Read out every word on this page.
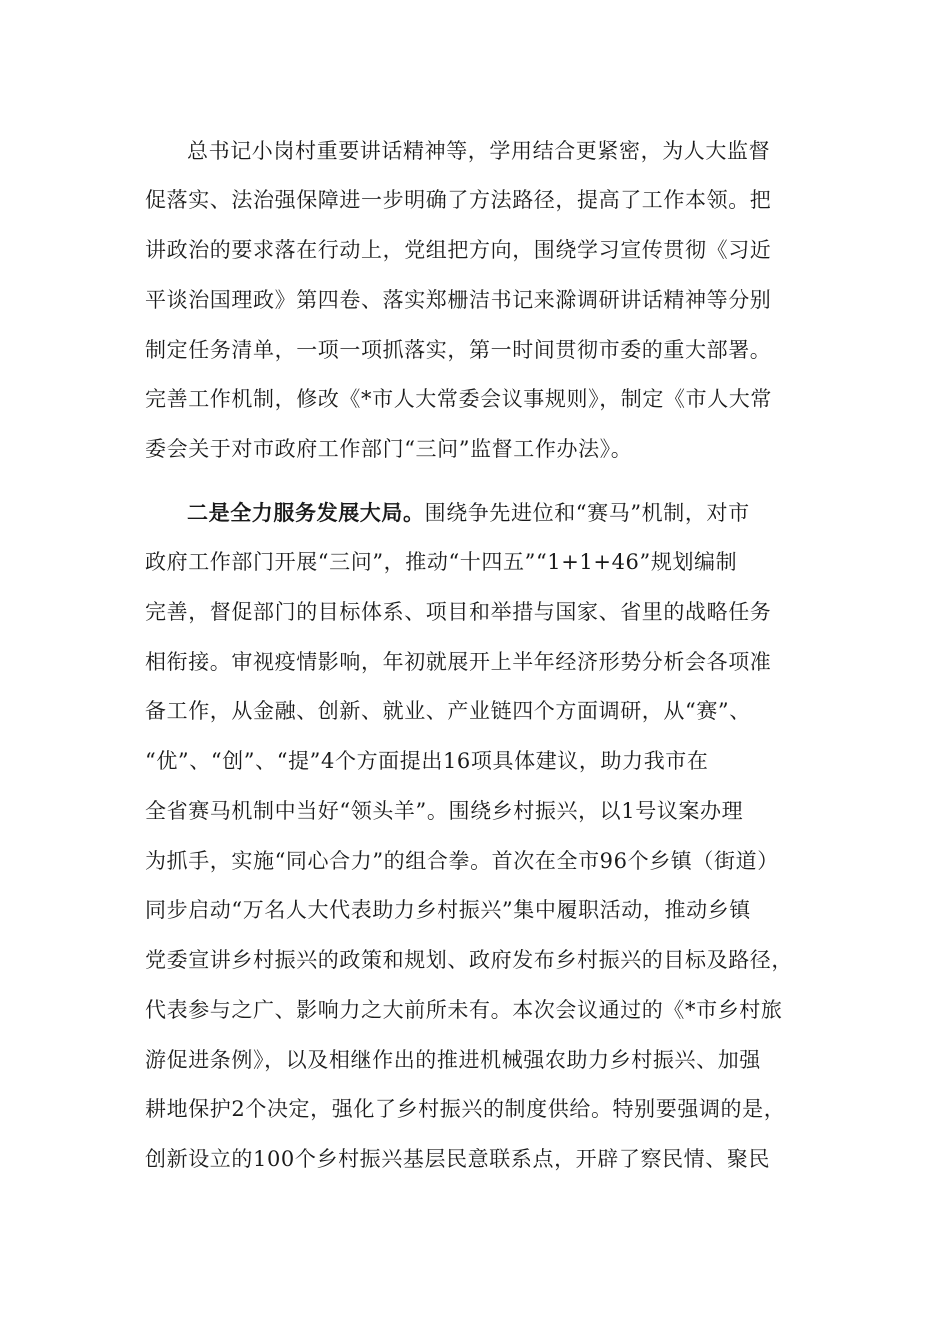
总书记小岗村重要讲话精神等，学用结合更紧密，为人大监督
促落实、法治强保障进一步明确了方法路径，提高了工作本领。把
讲政治的要求落在行动上，党组把方向，围绕学习宣传贯彻《习近
平谈治国理政》第四卷、落实郑栅洁书记来滁调研讲话精神等分别
制定任务清单，一项一项抓落实，第一时间贯彻市委的重大部署。
完善工作机制，修改《*市人大常委会议事规则》，制定《市人大常
委会关于对市政府工作部门“三问”监督工作办法》。
二是全力服务发展大局。围绕争先进位和“赛马”机制，对市
政府工作部门开展“三问”，推动“十四五”“1+1+46”规划编制
完善，督促部门的目标体系、项目和举措与国家、省里的战略任务
相衔接。审视疫情影响，年初就展开上半年经济形势分析会各项准
备工作，从金融、创新、就业、产业链四个方面调研，从“赛”、
“优”、“创”、“提”4个方面提出16项具体建议，助力我市在
全省赛马机制中当好“领头羊”。围绕乡村振兴，以1号议案办理
为抓手，实施“同心合力”的组合拳。首次在全市96个乡镇（街道）
同步启动“万名人大代表助力乡村振兴”集中履职活动，推动乡镇
党委宣讲乡村振兴的政策和规划、政府发布乡村振兴的目标及路径，
代表参与之广、影响力之大前所未有。本次会议通过的《*市乡村旅
游促进条例》，以及相继作出的推进机械强农助力乡村振兴、加强
耕地保护2个决定，强化了乡村振兴的制度供给。特别要强调的是，
创新设立的100个乡村振兴基层民意联系点，开辟了察民情、聚民
